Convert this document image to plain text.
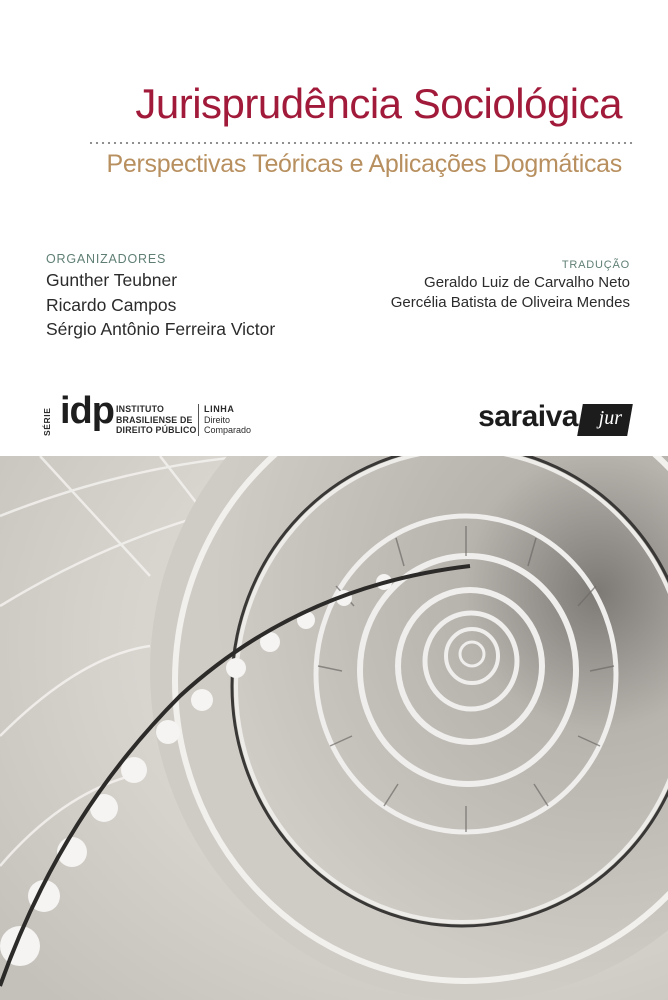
Jurisprudência Sociológica
Perspectivas Teóricas e Aplicações Dogmáticas
ORGANIZADORES
Gunther Teubner
Ricardo Campos
Sérgio Antônio Ferreira Victor
TRADUÇÃO
Geraldo Luiz de Carvalho Neto
Gercélia Batista de Oliveira Mendes
SÉRIE idp INSTITUTO
BRASILIENSE DE
DIREITO PÚBLICO
LINHA
Direito
Comparado	saraiva jur
